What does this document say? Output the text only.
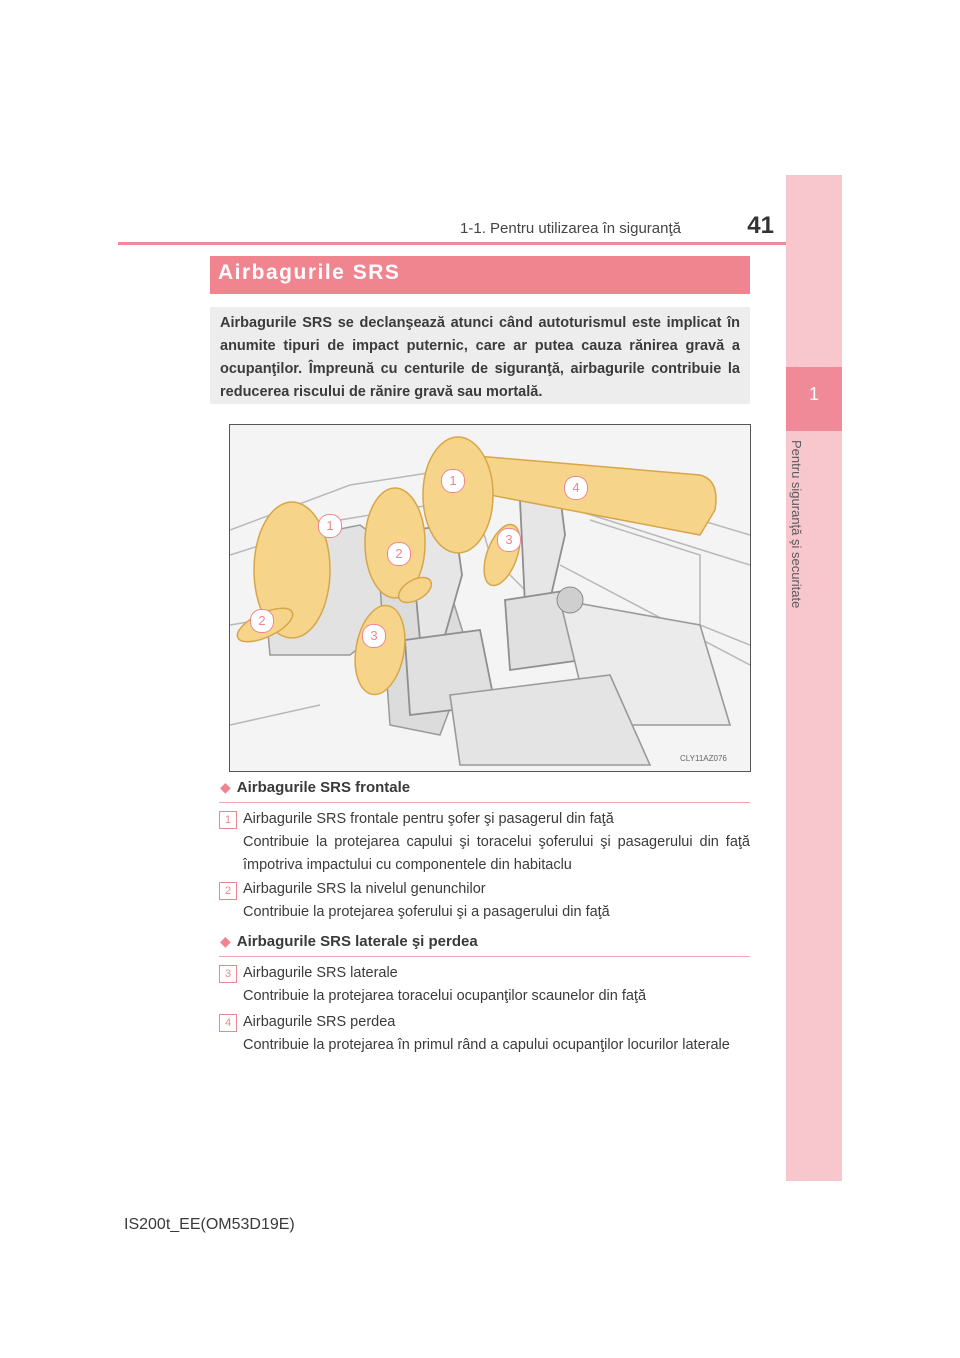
1
Pentru siguranţă şi securitate
1-1. Pentru utilizarea în siguranţă	41
Airbagurile SRS
Airbagurile SRS se declanşează atunci când autoturismul este implicat în anumite tipuri de impact puternic, care ar putea cauza rănirea gravă a ocupanţilor. Împreună cu centurile de siguranţă, airbagurile contribuie la reducerea riscului de rănire gravă sau mortală.
1
1
2
2
3
3
4
CLY11AZ076
◆ Airbagurile SRS frontale
1 Airbagurile SRS frontale pentru şofer şi pasagerul din faţă
Contribuie la protejarea capului şi toracelui şoferului şi pasagerului din faţă împotriva impactului cu componentele din habitaclu
2 Airbagurile SRS la nivelul genunchilor
Contribuie la protejarea şoferului şi a pasagerului din faţă
◆ Airbagurile SRS laterale şi perdea
3 Airbagurile SRS laterale
Contribuie la protejarea toracelui ocupanţilor scaunelor din faţă
4 Airbagurile SRS perdea
Contribuie la protejarea în primul rând a capului ocupanţilor locurilor laterale
IS200t_EE(OM53D19E)
